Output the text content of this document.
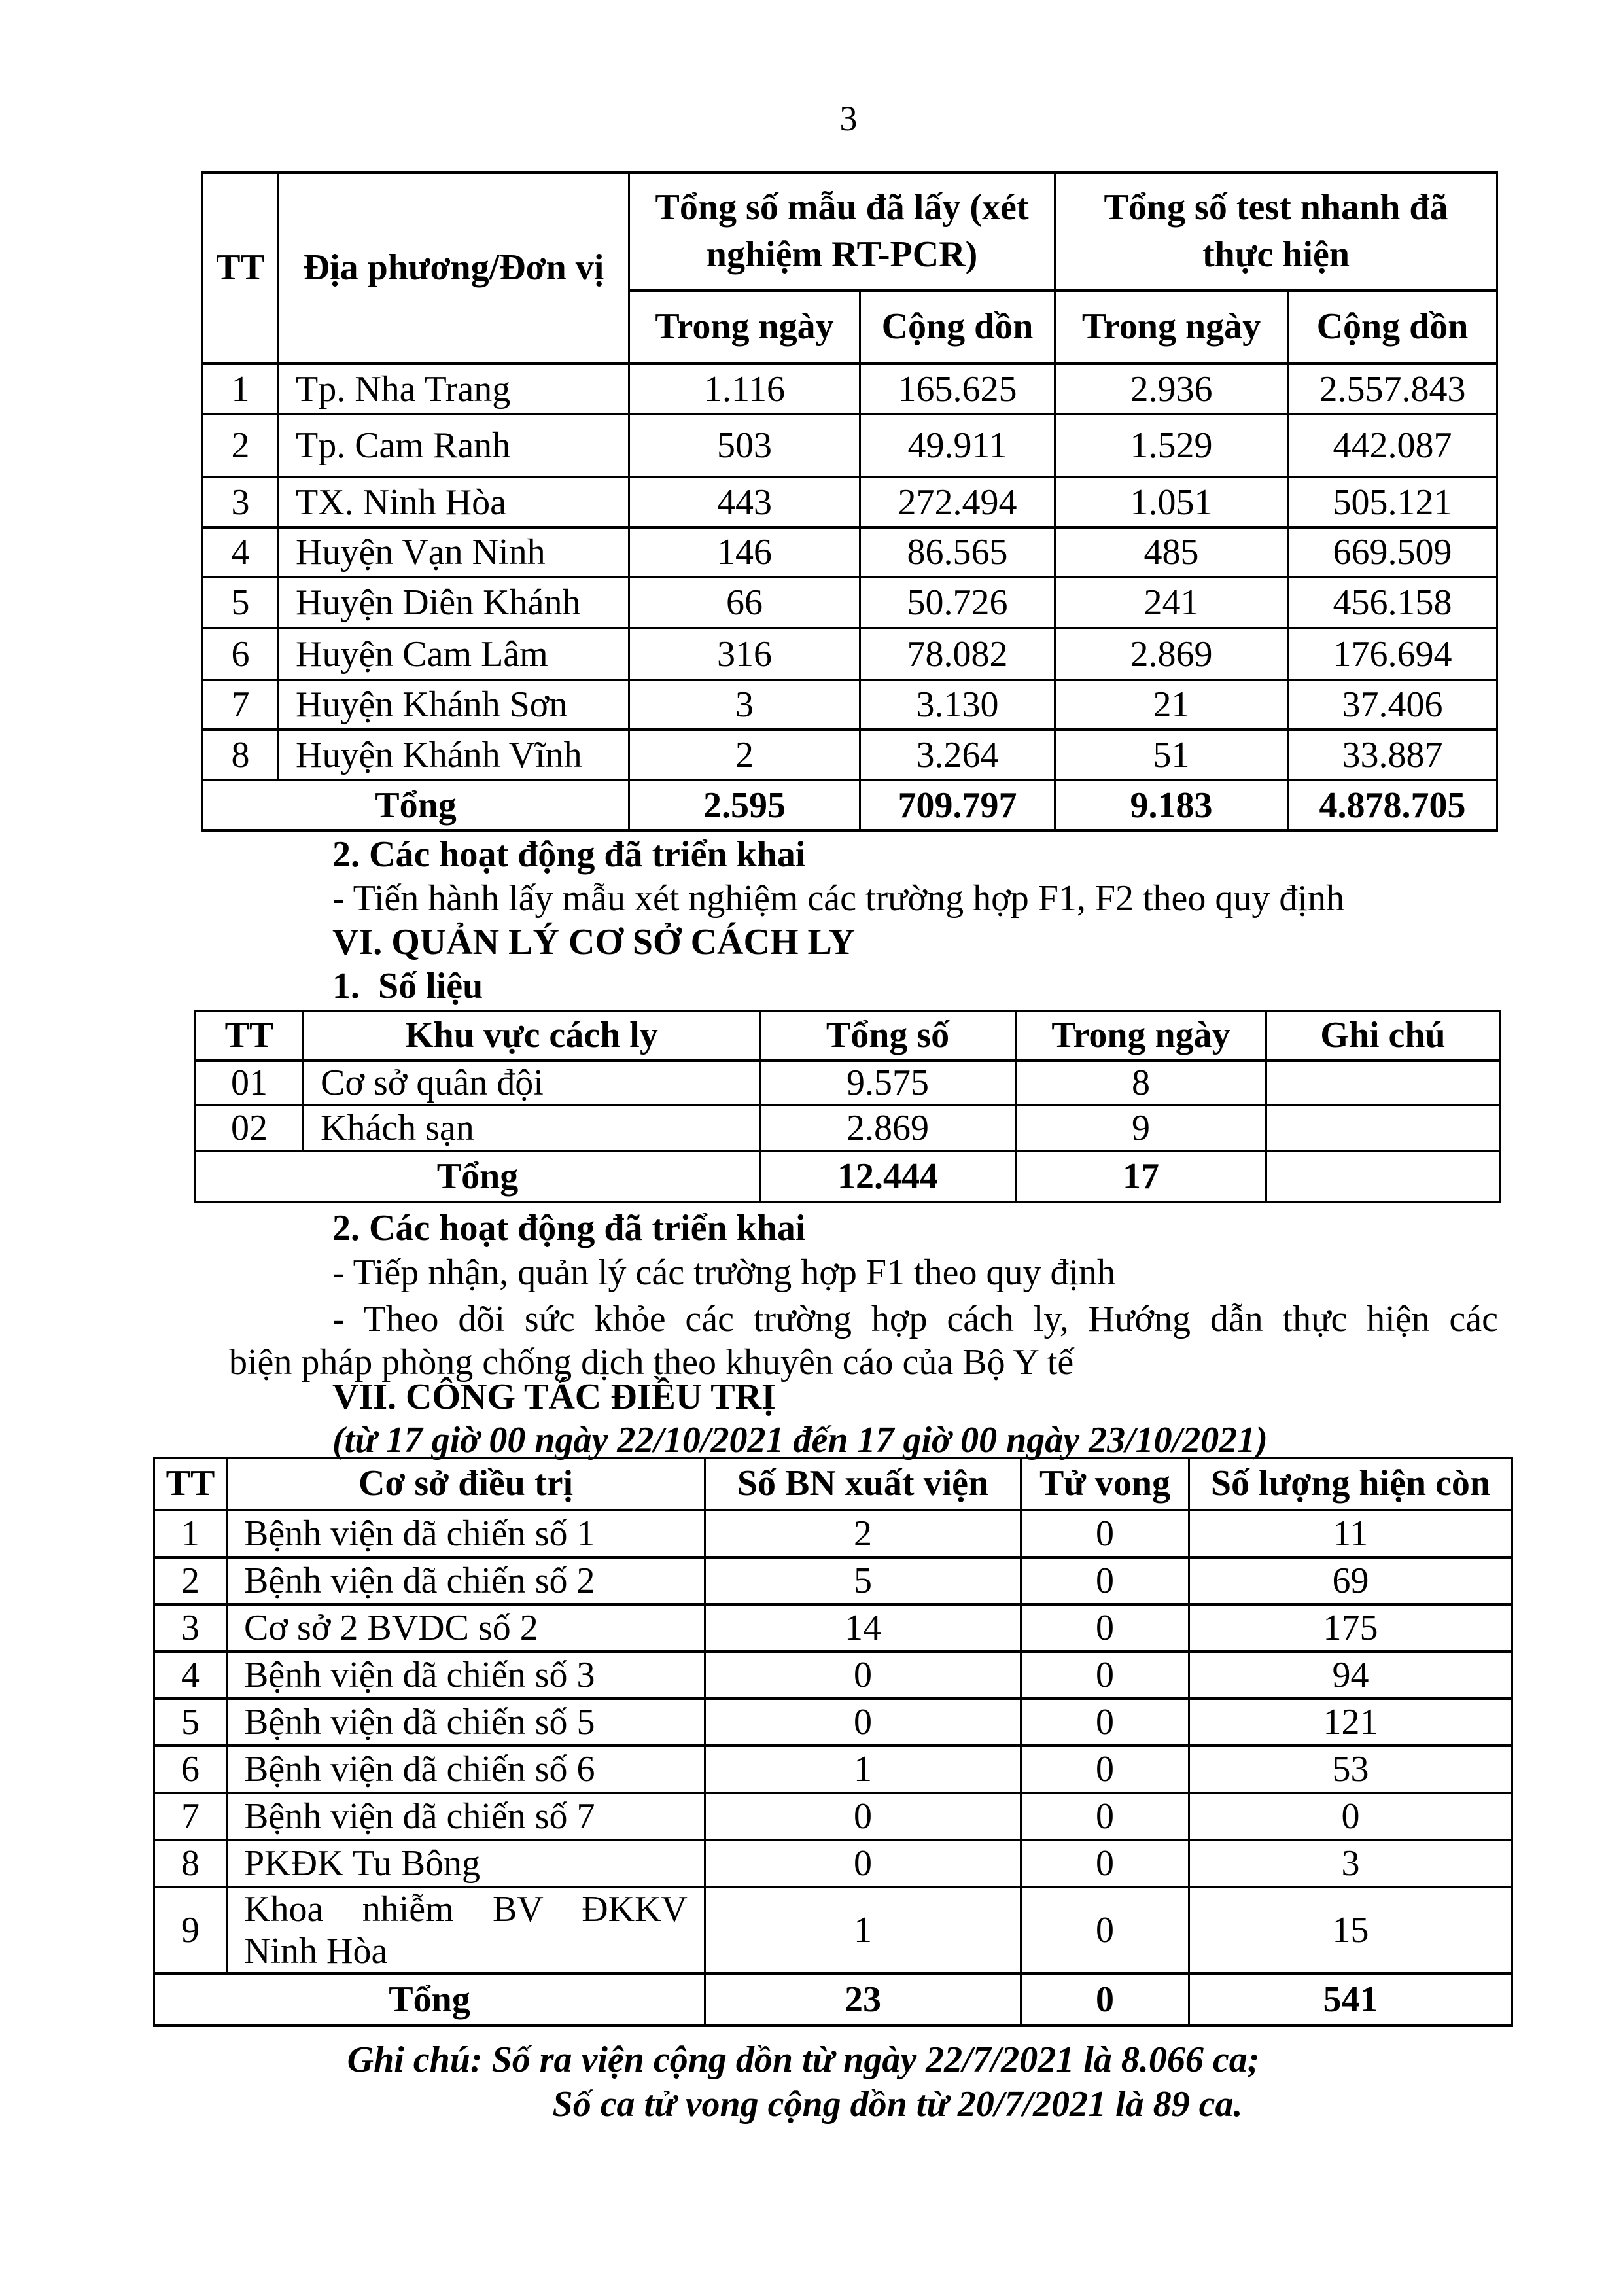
3
TT	Địa phương/Đơn vị	Tổng số mẫu đã lấy (xét nghiệm RT-PCR)		Tổng số test nhanh đã thực hiện	
		Trong ngày	Cộng dồn	Trong ngày	Cộng dồn
1	Tp. Nha Trang	1.116	165.625	2.936	2.557.843
2	Tp. Cam Ranh	503	49.911	1.529	442.087
3	TX. Ninh Hòa	443	272.494	1.051	505.121
4	Huyện Vạn Ninh	146	86.565	485	669.509
5	Huyện Diên Khánh	66	50.726	241	456.158
6	Huyện Cam Lâm	316	78.082	2.869	176.694
7	Huyện Khánh Sơn	3	3.130	21	37.406
8	Huyện Khánh Vĩnh	2	3.264	51	33.887
Tổng		2.595	709.797	9.183	4.878.705
2. Các hoạt động đã triển khai
- Tiến hành lấy mẫu xét nghiệm các trường hợp F1, F2 theo quy định
VI. QUẢN LÝ CƠ SỞ CÁCH LY
1.  Số liệu
TT	Khu vực cách ly	Tổng số	Trong ngày	Ghi chú
01	Cơ sở quân đội	9.575	8	
02	Khách sạn	2.869	9	
Tổng		12.444	17	
2. Các hoạt động đã triển khai
- Tiếp nhận, quản lý các trường hợp F1 theo quy định
- Theo dõi sức khỏe các trường hợp cách ly, Hướng dẫn thực hiện các
biện pháp phòng chống dịch theo khuyên cáo của Bộ Y tế
VII. CÔNG TÁC ĐIỀU TRỊ
(từ 17 giờ 00 ngày 22/10/2021 đến 17 giờ 00 ngày 23/10/2021)
TT	Cơ sở điều trị	Số BN xuất viện	Tử vong	Số lượng hiện còn
1	Bệnh viện dã chiến số 1	2	0	11
2	Bệnh viện dã chiến số 2	5	0	69
3	Cơ sở 2 BVDC số 2	14	0	175
4	Bệnh viện dã chiến số 3	0	0	94
5	Bệnh viện dã chiến số 5	0	0	121
6	Bệnh viện dã chiến số 6	1	0	53
7	Bệnh viện dã chiến số 7	0	0	0
8	PKĐK Tu Bông	0	0	3
9	Khoa nhiễm BV ĐKKV
Ninh Hòa	1	0	15
Tổng		23	0	541
Ghi chú: Số ra viện cộng dồn từ ngày 22/7/2021 là 8.066 ca;
Số ca tử vong cộng dồn từ 20/7/2021 là 89 ca.
